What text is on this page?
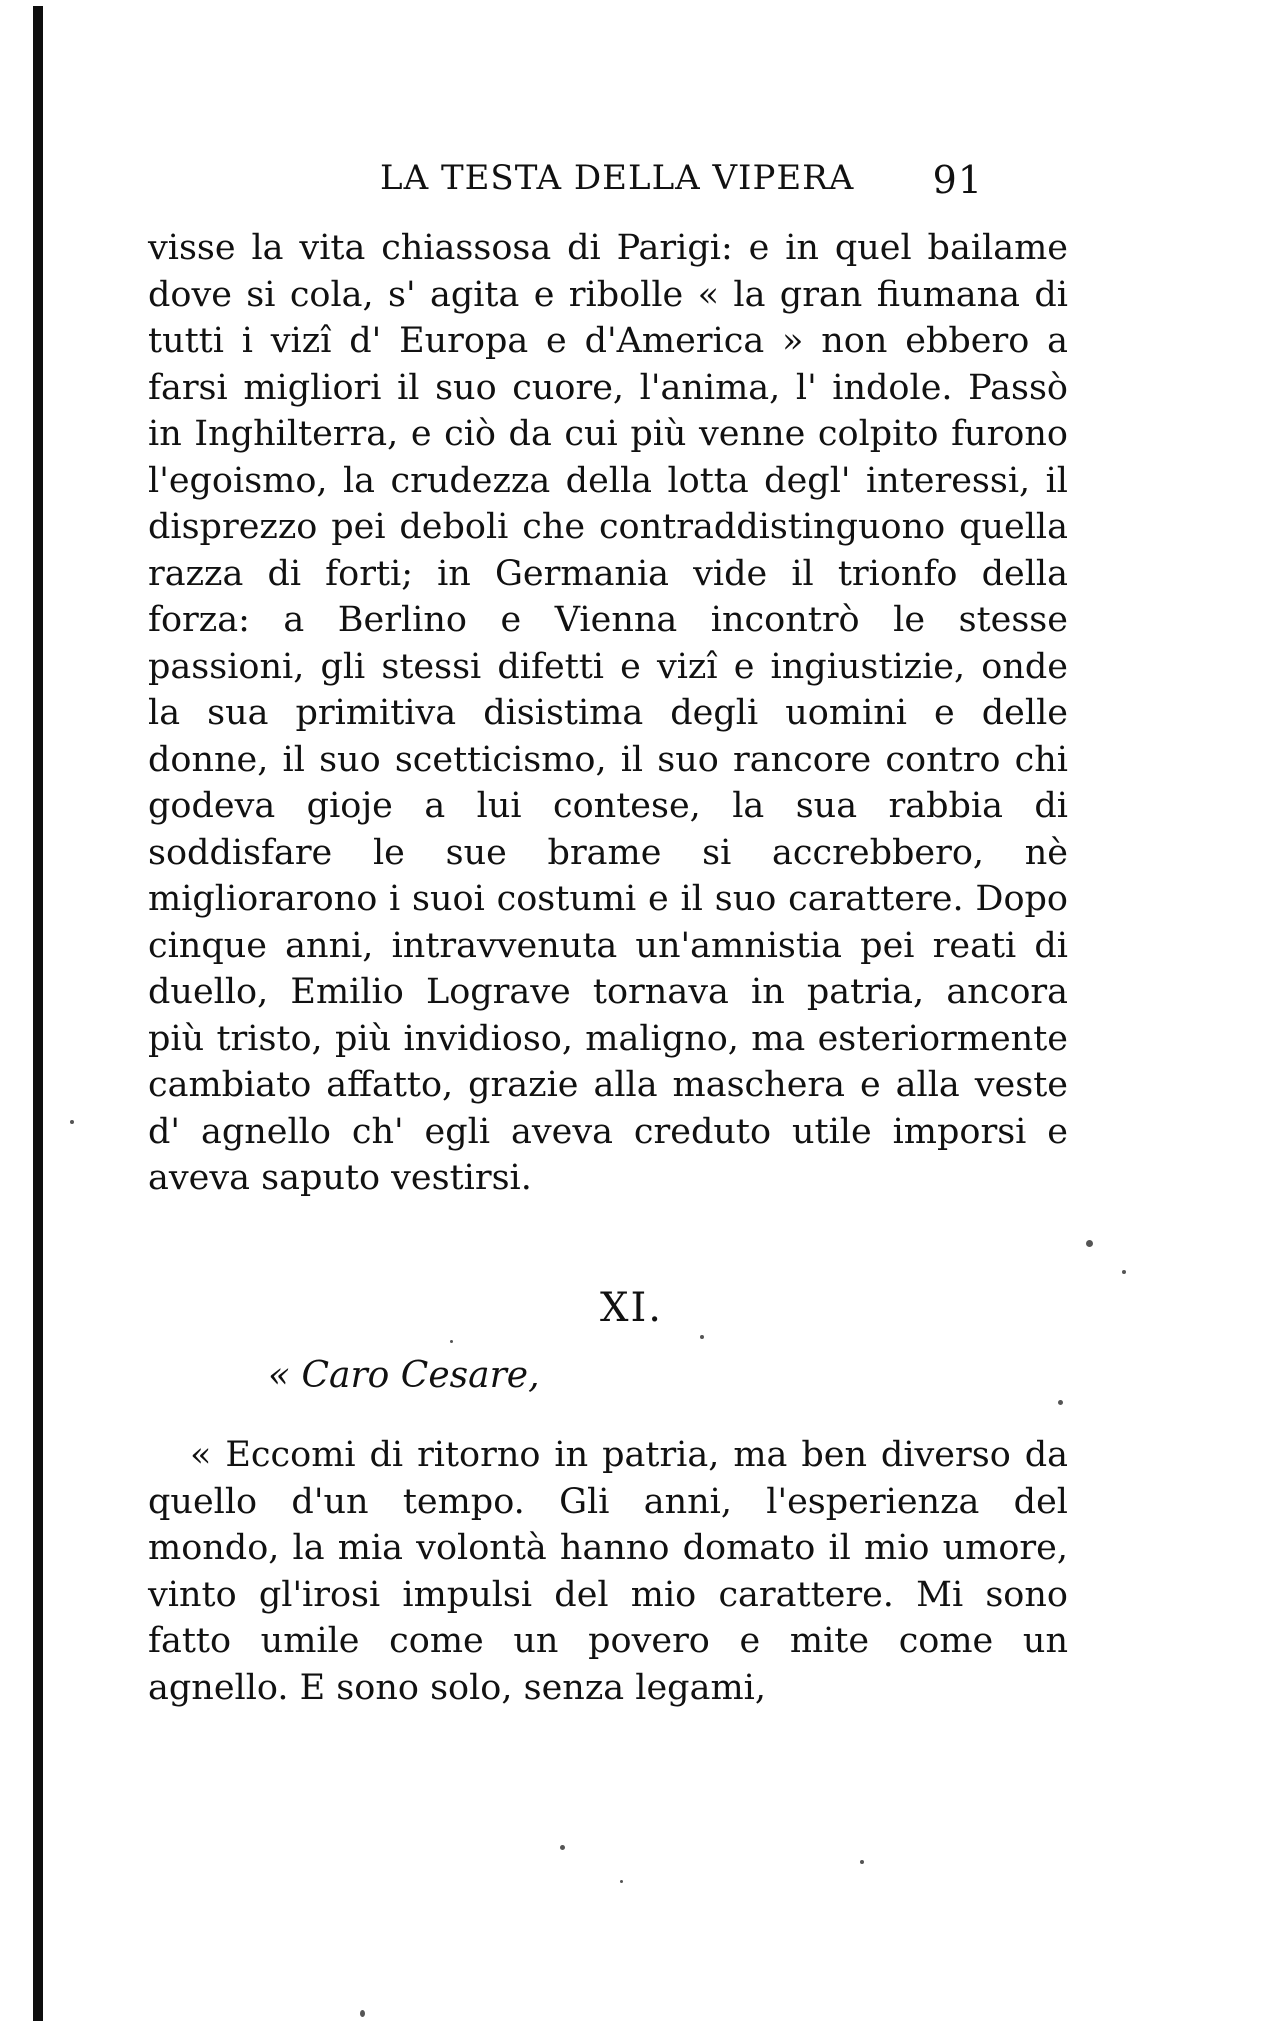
LA TESTA DELLA VIPERA 91

visse la vita chiassosa di Parigi: e in quel bailame dove si cola, s' agita e ribolle « la gran fiumana di tutti i vizî d' Europa e d'America » non ebbero a farsi migliori il suo cuore, l'anima, l' indole. Passò in Inghilterra, e ciò da cui più venne colpito furono l'egoismo, la crudezza della lotta degl' interessi, il disprezzo pei deboli che contraddistinguono quella razza di forti; in Germania vide il trionfo della forza: a Berlino e Vienna incontrò le stesse passioni, gli stessi difetti e vizî e ingiustizie, onde la sua primitiva disistima degli uomini e delle donne, il suo scetticismo, il suo rancore contro chi godeva gioje a lui contese, la sua rabbia di soddisfare le sue brame si accrebbero, nè migliorarono i suoi costumi e il suo carattere. Dopo cinque anni, intravvenuta un'amnistia pei reati di duello, Emilio Lograve tornava in patria, ancora più tristo, più invidioso, maligno, ma esteriormente cambiato affatto, grazie alla maschera e alla veste d' agnello ch' egli aveva creduto utile imporsi e aveva saputo vestirsi.

XI.
« Caro Cesare,

« Eccomi di ritorno in patria, ma ben diverso da quello d'un tempo. Gli anni, l'esperienza del mondo, la mia volontà hanno domato il mio umore, vinto gl'irosi impulsi del mio carattere. Mi sono fatto umile come un povero e mite come un agnello. E sono solo, senza legami,
